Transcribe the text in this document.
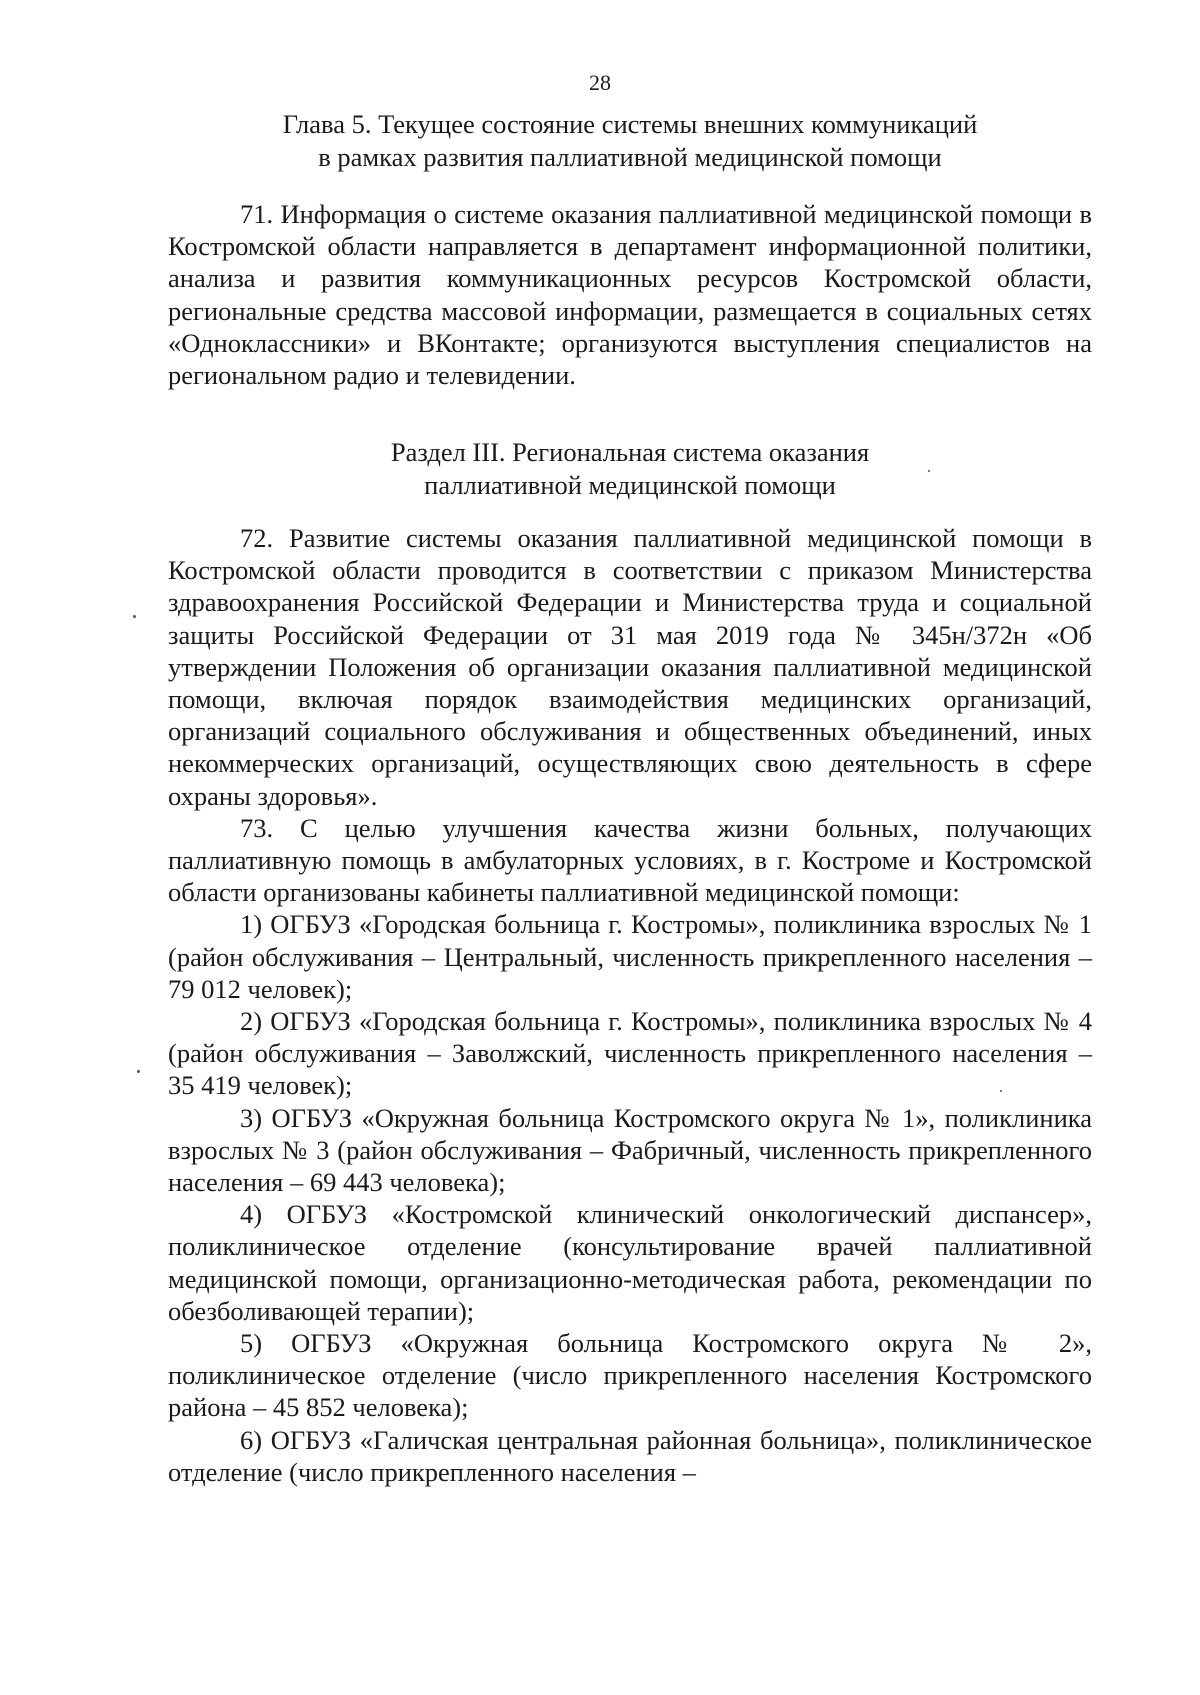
28
Глава 5. Текущее состояние системы внешних коммуникаций
в рамках развития паллиативной медицинской помощи

71. Информация о системе оказания паллиативной медицинской помощи в Костромской области направляется в департамент информационной политики, анализа и развития коммуникационных ресурсов Костромской области, региональные средства массовой информации, размещается в социальных сетях «Одноклассники» и ВКонтакте; организуются выступления специалистов на региональном радио и телевидении.

Раздел III. Региональная система оказания
паллиативной медицинской помощи

72. Развитие системы оказания паллиативной медицинской помощи в Костромской области проводится в соответствии с приказом Министерства здравоохранения Российской Федерации и Министерства труда и социальной защиты Российской Федерации от 31 мая 2019 года № 345н/372н «Об утверждении Положения об организации оказания паллиативной медицинской помощи, включая порядок взаимодействия медицинских организаций, организаций социального обслуживания и общественных объединений, иных некоммерческих организаций, осуществляющих свою деятельность в сфере охраны здоровья».

73. С целью улучшения качества жизни больных, получающих паллиативную помощь в амбулаторных условиях, в г. Костроме и Костромской области организованы кабинеты паллиативной медицинской помощи:

1) ОГБУЗ «Городская больница г. Костромы», поликлиника взрослых № 1 (район обслуживания – Центральный, численность прикрепленного населения – 79 012 человек);

2) ОГБУЗ «Городская больница г. Костромы», поликлиника взрослых № 4 (район обслуживания – Заволжский, численность прикрепленного населения – 35 419 человек);

3) ОГБУЗ «Окружная больница Костромского округа № 1», поликлиника взрослых № 3 (район обслуживания – Фабричный, численность прикрепленного населения – 69 443 человека);

4) ОГБУЗ «Костромской клинический онкологический диспансер», поликлиническое отделение (консультирование врачей паллиативной медицинской помощи, организационно-методическая работа, рекомендации по обезболивающей терапии);

5) ОГБУЗ «Окружная больница Костромского округа № 2», поликлиническое отделение (число прикрепленного населения Костромского района – 45 852 человека);

6) ОГБУЗ «Галичская центральная районная больница», поликлиническое отделение (число прикрепленного населения –
